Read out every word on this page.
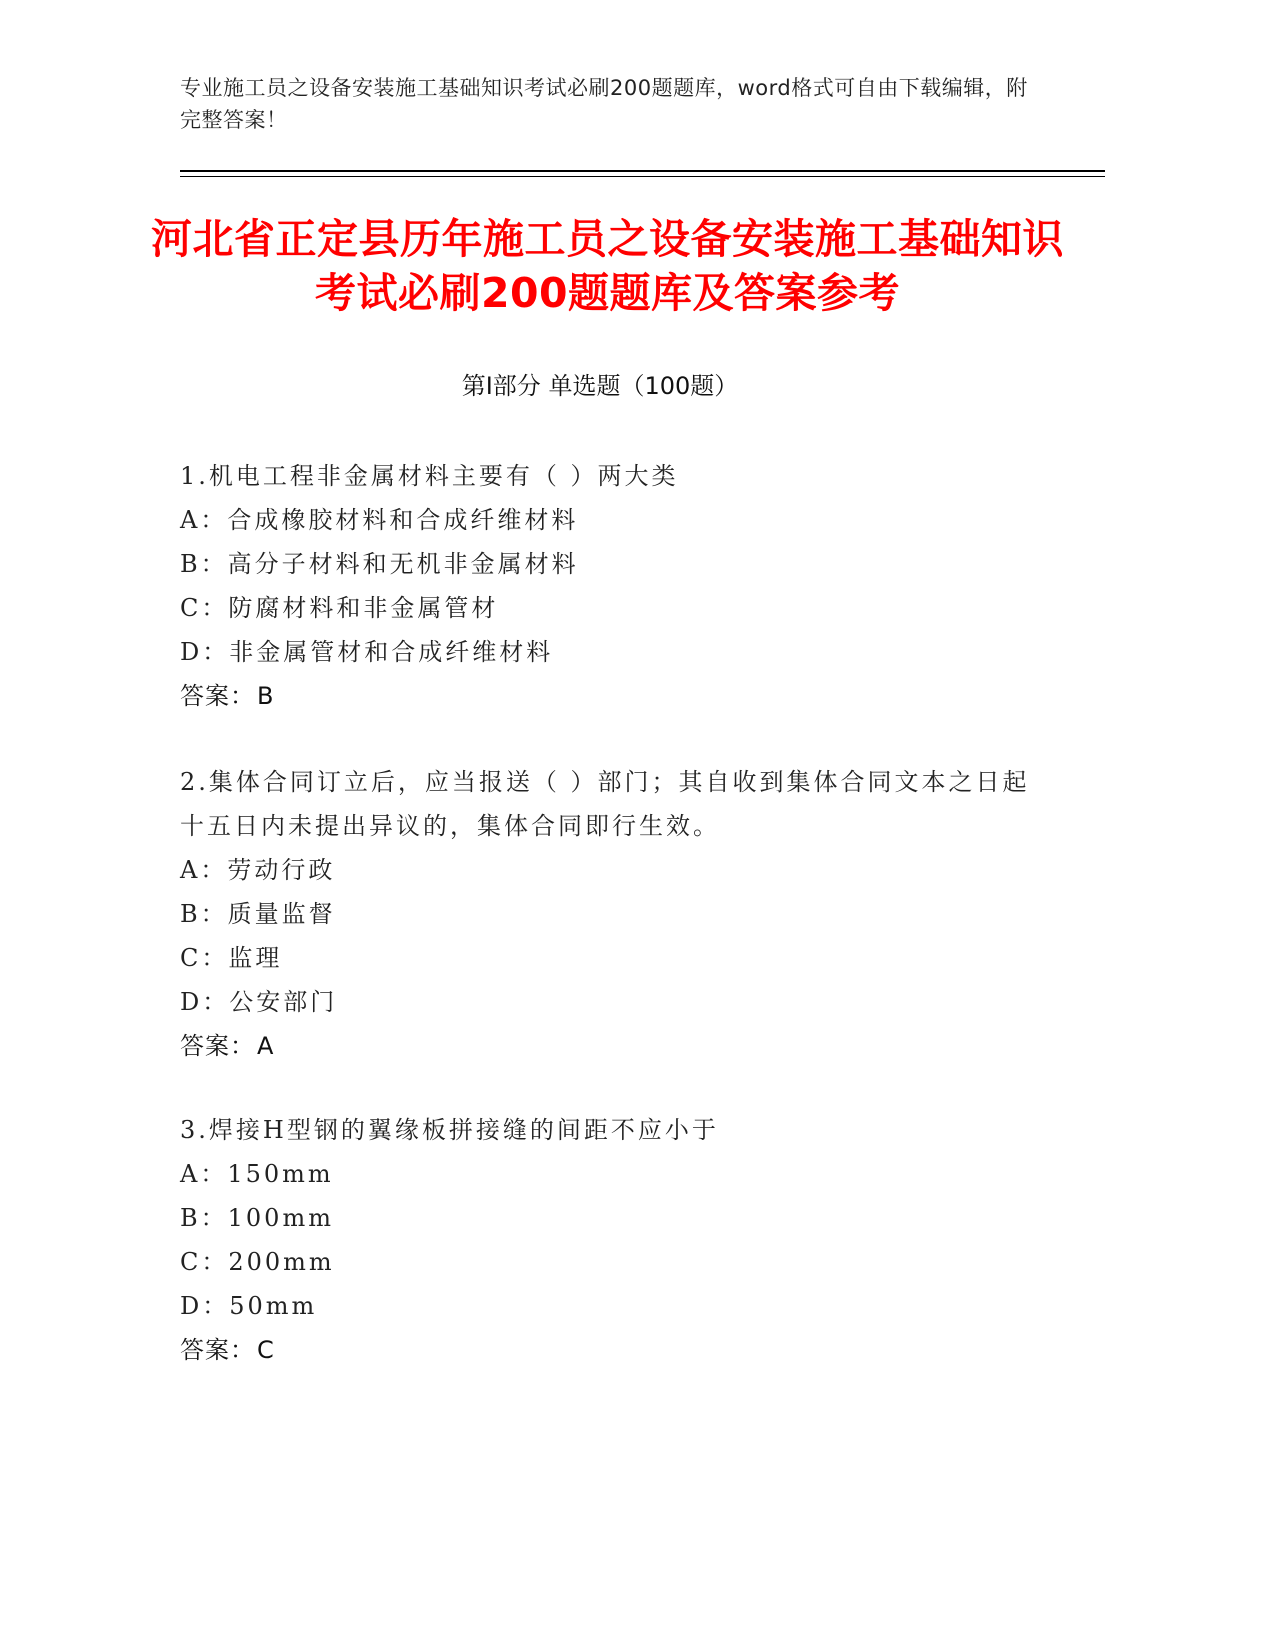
专业施工员之设备安装施工基础知识考试必刷200题题库，word格式可自由下载编辑，附完整答案！
河北省正定县历年施工员之设备安装施工基础知识考试必刷200题题库及答案参考
第Ⅰ部分 单选题（100题）
1.机电工程非金属材料主要有（ ）两大类
A：合成橡胶材料和合成纤维材料
B：高分子材料和无机非金属材料
C：防腐材料和非金属管材
D：非金属管材和合成纤维材料
答案：B
2.集体合同订立后，应当报送（ ）部门；其自收到集体合同文本之日起十五日内未提出异议的，集体合同即行生效。
A：劳动行政
B：质量监督
C：监理
D：公安部门
答案：A
3.焊接H型钢的翼缘板拼接缝的间距不应小于
A：150mm
B：100mm
C：200mm
D：50mm
答案：C
